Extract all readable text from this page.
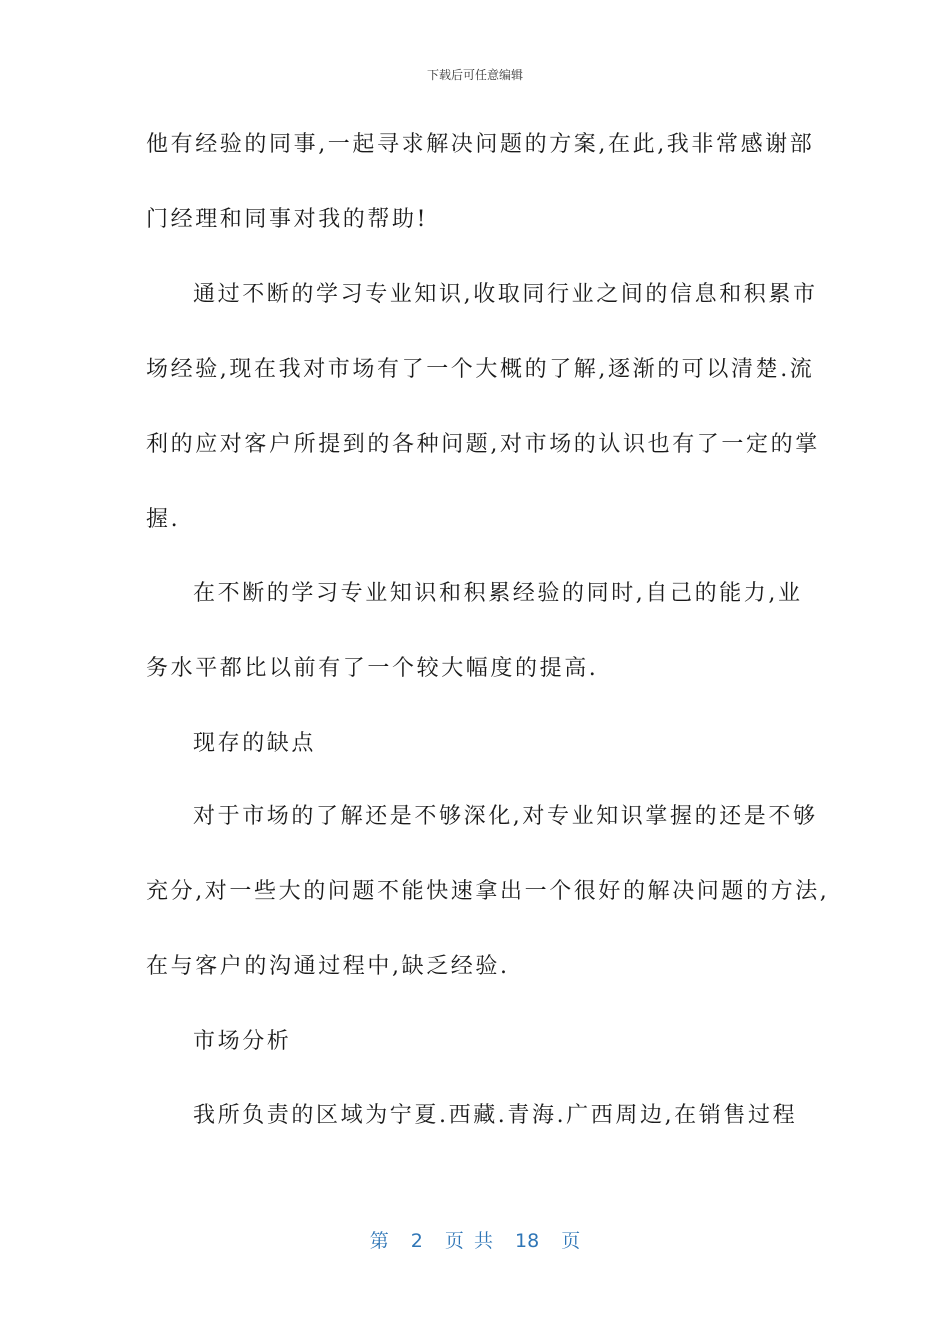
下载后可任意编辑
他有经验的同事,一起寻求解决问题的方案,在此,我非常感谢部
门经理和同事对我的帮助!
通过不断的学习专业知识,收取同行业之间的信息和积累市
场经验,现在我对市场有了一个大概的了解,逐渐的可以清楚.流
利的应对客户所提到的各种问题,对市场的认识也有了一定的掌
握.
在不断的学习专业知识和积累经验的同时,自己的能力,业
务水平都比以前有了一个较大幅度的提高.
现存的缺点
对于市场的了解还是不够深化,对专业知识掌握的还是不够
充分,对一些大的问题不能快速拿出一个很好的解决问题的方法,
在与客户的沟通过程中,缺乏经验.
市场分析
我所负责的区域为宁夏.西藏.青海.广西周边,在销售过程
第 2 页 共 18 页
